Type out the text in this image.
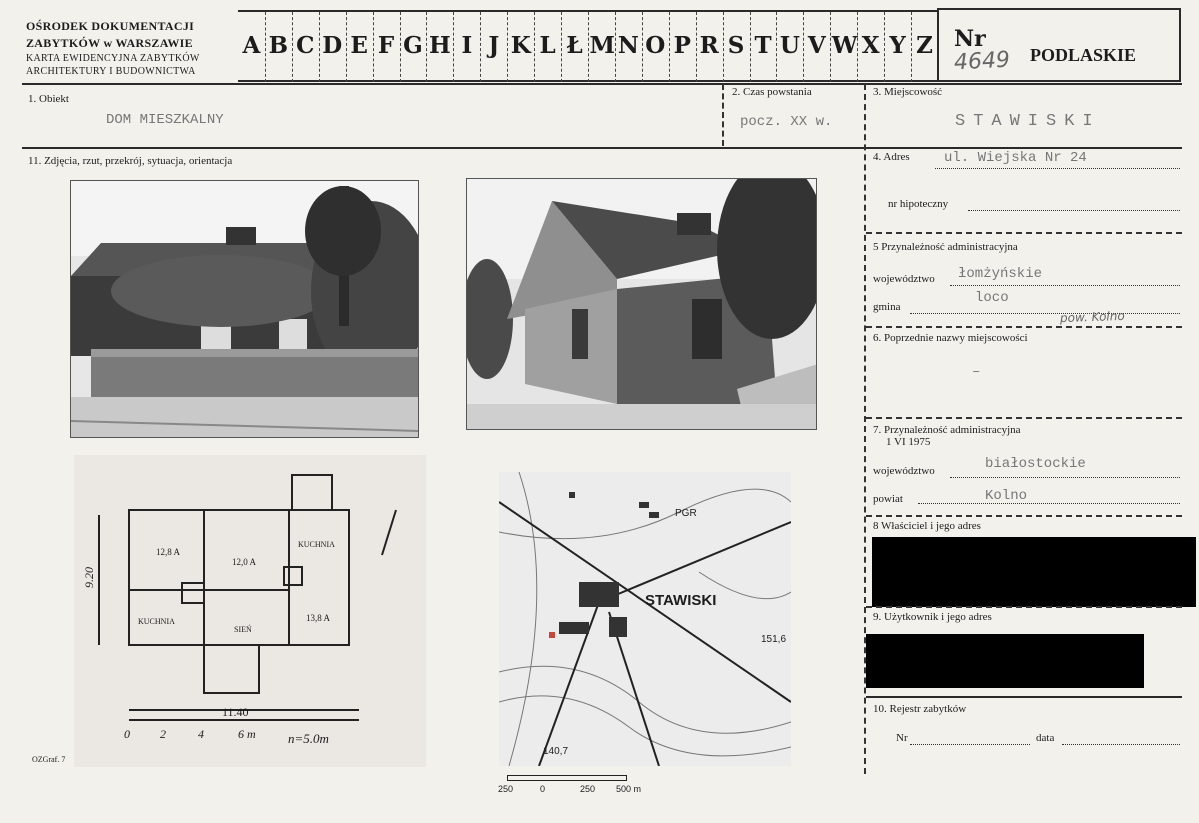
OŚRODEK DOKUMENTACJI
ZABYTKÓW w WARSZAWIE
KARTA EWIDENCYJNA ZABYTKÓW
ARCHITEKTURY I BUDOWNICTWA
A B C D E F G H I J K L Ł M N O P R S T U V W X Y Z Nr
4649 PODLASKIE
1. Obiekt
DOM MIESZKALNY
2. Czas powstania
pocz. XX w.
3. Miejscowość
STAWISKI
11. Zdjęcia, rzut, przekrój, sytuacja, orientacja	4. Adres ul. Wiejska Nr 24
nr hipoteczny
5 Przynależność administracyjna
województwo łomżyńskie
gmina
loco
pow. Kolno
6. Poprzednie nazwy miejscowości
–
7. Przynależność administracyjna
1 VI 1975
województwo	białostockie
powiat	Kolno
8 Właściciel i jego adres
9. Użytkownik i jego adres
10. Rejestr zabytków
Nr	data
OZGraf. 7
12,8 A
12,0 A
KUCHNIA
KUCHNIA
SIEŃ
13,8 A
9.20
11.40
0	2	4	6 m n=5.0m
STAWISKI
PGR
151,6
140,7
250	0	250 500 m
